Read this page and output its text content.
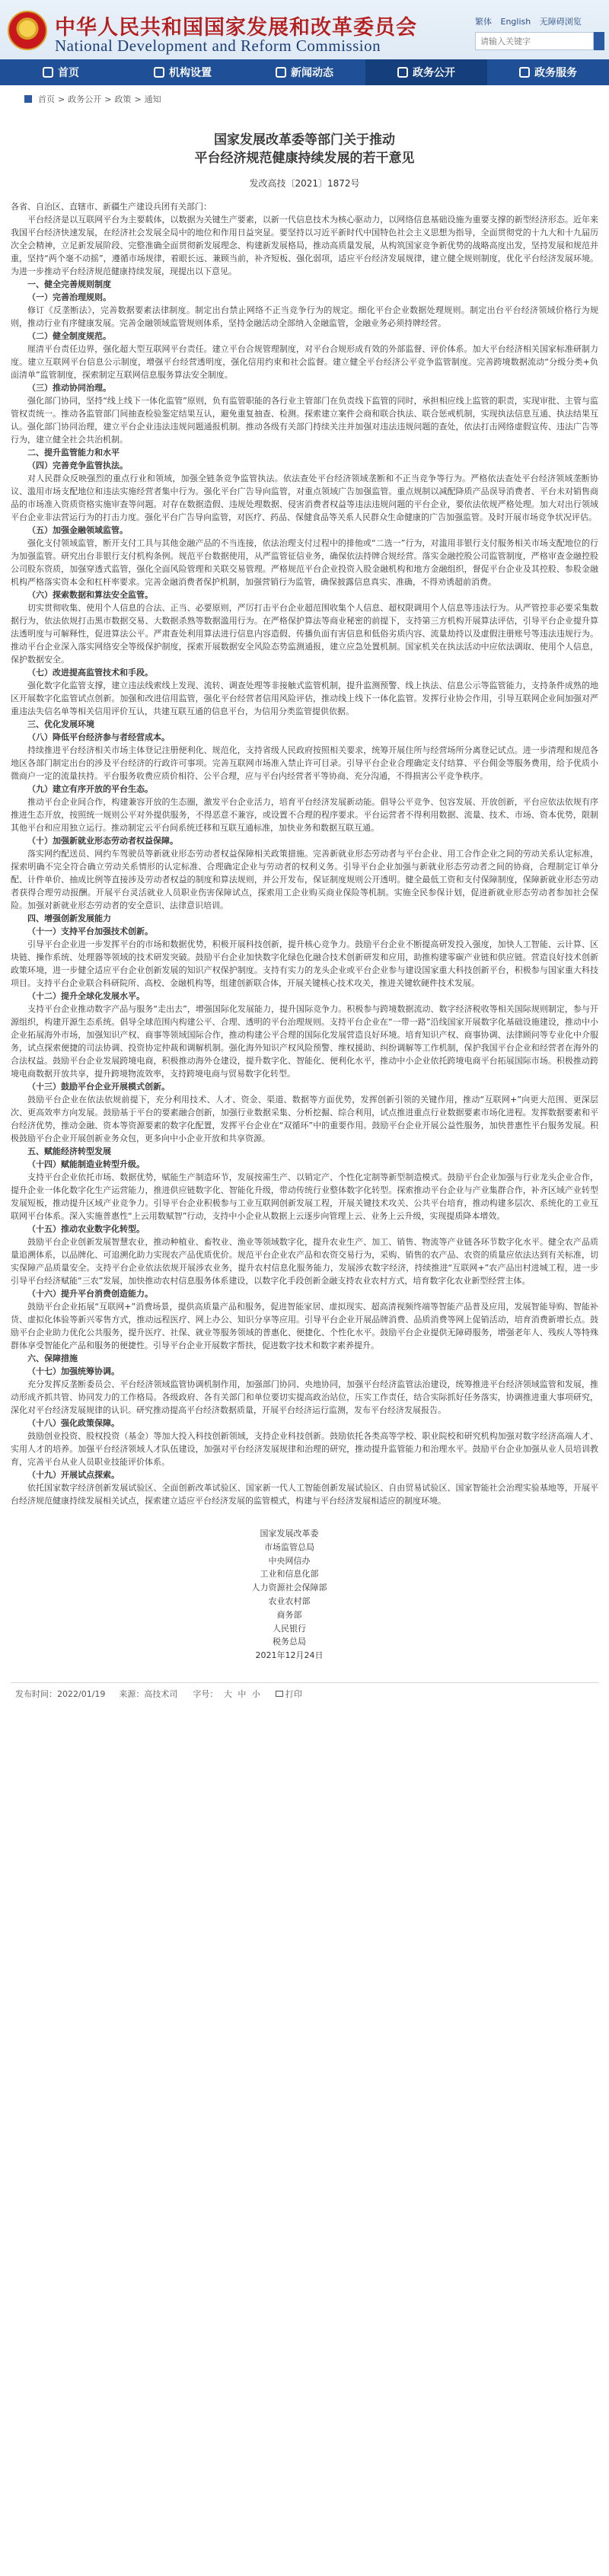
★
中华人民共和国国家发展和改革委员会
National Development and Reform Commission
繁体 English 无障碍浏览
请输入关键字
首页	机构设置	新闻动态	政务公开	政务服务
首页 > 政务公开 > 政策 > 通知
国家发展改革委等部门关于推动
平台经济规范健康持续发展的若干意见
发改高技〔2021〕1872号

各省、自治区、直辖市、新疆生产建设兵团有关部门：

平台经济是以互联网平台为主要载体，以数据为关键生产要素，以新一代信息技术为核心驱动力，以网络信息基础设施为重要支撑的新型经济形态。近年来我国平台经济快速发展，在经济社会发展全局中的地位和作用日益突显。要坚持以习近平新时代中国特色社会主义思想为指导，全面贯彻党的十九大和十九届历次全会精神，立足新发展阶段、完整准确全面贯彻新发展理念、构建新发展格局，推动高质量发展，从构筑国家竞争新优势的战略高度出发，坚持发展和规范并重，坚持“两个毫不动摇”，遵循市场规律，着眼长远、兼顾当前，补齐短板、强化弱项，适应平台经济发展规律，建立健全规则制度，优化平台经济发展环境。为进一步推动平台经济规范健康持续发展，现提出以下意见。

一、健全完善规则制度

（一）完善治理规则。

修订《反垄断法》，完善数据要素法律制度。制定出台禁止网络不正当竞争行为的规定。细化平台企业数据处理规则。制定出台平台经济领域价格行为规则，推动行业有序健康发展。完善金融领域监管规则体系，坚持金融活动全部纳入金融监管，金融业务必须持牌经营。

（二）健全制度规范。

厘清平台责任边界，强化超大型互联网平台责任。建立平台合规管理制度，对平台合规形成有效的外部监督、评价体系。加大平台经济相关国家标准研制力度。建立互联网平台信息公示制度，增强平台经营透明度，强化信用约束和社会监督。建立健全平台经济公平竞争监管制度。完善跨境数据流动“分级分类+负面清单”监管制度，探索制定互联网信息服务算法安全制度。

（三）推动协同治理。

强化部门协同，坚持“线上线下一体化监管”原则，负有监管职能的各行业主管部门在负责线下监管的同时，承担相应线上监管的职责，实现审批、主管与监管权责统一。推动各监管部门间抽查检验鉴定结果互认，避免重复抽查、检测。探索建立案件会商和联合执法、联合惩戒机制，实现执法信息互通、执法结果互认。强化部门协同治理，建立平台企业违法违规问题通报机制。推动各级有关部门持续关注并加强对违法违规问题的查处，依法打击网络虚假宣传、违法广告等行为，建立健全社会共治机制。

二、提升监管能力和水平

（四）完善竞争监管执法。

对人民群众反映强烈的重点行业和领域，加强全链条竞争监管执法。依法查处平台经济领域垄断和不正当竞争等行为。严格依法查处平台经济领域垄断协议、滥用市场支配地位和违法实施经营者集中行为。强化平台广告导向监管，对重点领域广告加强监管。重点规制以减配降质产品误导消费者、平台未对销售商品的市场准入资质资格实施审查等问题。对存在数据造假、违规处理数据、侵害消费者权益等违法违规问题的平台企业，要依法依规严格处理。加大对出行领域平台企业非法营运行为的打击力度。强化平台广告导向监管，对医疗、药品、保健食品等关系人民群众生命健康的广告加强监管。及时开展市场竞争状况评估。

（五）加强金融领域监管。

强化支付领域监管，断开支付工具与其他金融产品的不当连接，依法治理支付过程中的排他或“二选一”行为，对滥用非银行支付服务相关市场支配地位的行为加强监管。研究出台非银行支付机构条例。规范平台数据使用，从严监管征信业务，确保依法持牌合规经营。落实金融控股公司监管制度，严格审查金融控股公司股东资质，加强穿透式监管，强化全面风险管理和关联交易管理。严格规范平台企业投资入股金融机构和地方金融组织，督促平台企业及其控股、参股金融机构严格落实资本金和杠杆率要求。完善金融消费者保护机制，加强营销行为监管，确保披露信息真实、准确，不得劝诱超前消费。

（六）探索数据和算法安全监管。

切实贯彻收集、使用个人信息的合法、正当、必要原则，严厉打击平台企业超范围收集个人信息、超权限调用个人信息等违法行为。从严管控非必要采集数据行为，依法依规打击黑市数据交易、大数据杀熟等数据滥用行为。在严格保护算法等商业秘密的前提下，支持第三方机构开展算法评估，引导平台企业提升算法透明度与可解释性，促进算法公平。严肃查处利用算法进行信息内容造假、传播负面有害信息和低俗劣质内容、流量劫持以及虚假注册账号等违法违规行为。推动平台企业深入落实网络安全等级保护制度，探索开展数据安全风险态势监测通报，建立应急处置机制。国家机关在执法活动中应依法调取、使用个人信息，保护数据安全。

（七）改进提高监管技术和手段。

强化数字化监管支撑，建立违法线索线上发现、流转、调查处理等非接触式监管机制，提升监测预警、线上执法、信息公示等监管能力，支持条件成熟的地区开展数字化监管试点创新。加强和改进信用监管，强化平台经营者信用风险评估，推动线上线下一体化监管。发挥行业协会作用，引导互联网企业间加强对严重违法失信名单等相关信用评价互认，共建互联互通的信息平台，为信用分类监管提供依据。

三、优化发展环境

（八）降低平台经济参与者经营成本。

持续推进平台经济相关市场主体登记注册便利化、规范化，支持省级人民政府按照相关要求，统筹开展住所与经营场所分离登记试点。进一步清理和规范各地区各部门制定出台的涉及平台经济的行政许可事项。完善互联网市场准入禁止许可目录。引导平台企业合理确定支付结算、平台佣金等服务费用，给予优质小微商户一定的流量扶持。平台服务收费应质价相符、公平合理，应与平台内经营者平等协商、充分沟通，不得损害公平竞争秩序。

（九）建立有序开放的平台生态。

推动平台企业间合作，构建兼容开放的生态圈，激发平台企业活力，培育平台经济发展新动能。倡导公平竞争、包容发展、开放创新，平台应依法依规有序推进生态开放，按照统一规则公平对外提供服务，不得恶意不兼容，或设置不合理的程序要求。平台运营者不得利用数据、流量、技术、市场、资本优势，限制其他平台和应用独立运行。推动制定云平台间系统迁移和互联互通标准，加快业务和数据互联互通。

（十）加强新就业形态劳动者权益保障。

落实网约配送员、网约车驾驶员等新就业形态劳动者权益保障相关政策措施。完善新就业形态劳动者与平台企业、用工合作企业之间的劳动关系认定标准，探索明确不完全符合确立劳动关系情形的认定标准、合理确定企业与劳动者的权利义务。引导平台企业加强与新就业形态劳动者之间的协商，合理制定订单分配、计件单价、抽成比例等直接涉及劳动者权益的制度和算法规则，并公开发布，保证制度规则公开透明。健全最低工资和支付保障制度，保障新就业形态劳动者获得合理劳动报酬。开展平台灵活就业人员职业伤害保障试点，探索用工企业购买商业保险等机制。实施全民参保计划，促进新就业形态劳动者参加社会保险。加强对新就业形态劳动者的安全意识、法律意识培训。

四、增强创新发展能力

（十一）支持平台加强技术创新。

引导平台企业进一步发挥平台的市场和数据优势，积极开展科技创新，提升核心竞争力。鼓励平台企业不断提高研发投入强度，加快人工智能、云计算、区块链、操作系统、处理器等领域的技术研发突破。鼓励平台企业加快数字化绿色化融合技术创新研发和应用，助推构建零碳产业链和供应链。营造良好技术创新政策环境，进一步健全适应平台企业创新发展的知识产权保护制度。支持有实力的龙头企业或平台企业参与建设国家重大科技创新平台，积极参与国家重大科技项目。支持平台企业联合科研院所、高校、金融机构等，组建创新联合体，开展关键核心技术攻关，推进关键软硬件技术发展。

（十二）提升全球化发展水平。

支持平台企业推动数字产品与服务“走出去”，增强国际化发展能力，提升国际竞争力。积极参与跨境数据流动、数字经济税收等相关国际规则制定，参与开源组织，构建开源生态系统。倡导全球范围内构建公平、合理、透明的平台治理规则。支持平台企业在“一带一路”沿线国家开展数字化基础设施建设，推动中小企业拓展海外市场，加强知识产权、商事等领域国际合作，推动构建公平合理的国际化发展营造良好环境。培育知识产权、商事协调、法律顾问等专业化中介服务，试点探索便捷的司法协调、投资协定仲裁和调解机制。强化海外知识产权风险预警、维权援助、纠纷调解等工作机制，保护我国平台企业和经营者在海外的合法权益。鼓励平台企业发展跨境电商，积极推动海外仓建设，提升数字化、智能化、便利化水平，推动中小企业依托跨境电商平台拓展国际市场。积极推动跨境电商数据开放共享，提升跨境物流效率，支持跨境电商与贸易数字化转型。

（十三）鼓励平台企业开展模式创新。

鼓励平台企业在依法依规前提下，充分利用技术、人才、资金、渠道、数据等方面优势，发挥创新引领的关键作用，推动“互联网+”向更大范围、更深层次、更高效率方向发展。鼓励基于平台的要素融合创新，加强行业数据采集、分析挖掘、综合利用，试点推进重点行业数据要素市场化进程。发挥数据要素和平台经济优势，推动金融、资本等资源要素的数字化配置，发挥平台企业在“双循环”中的重要作用。鼓励平台企业开展公益性服务，加快普惠性平台服务发展。积极鼓励平台企业开展创新业务众包，更多向中小企业开放和共享资源。

五、赋能经济转型发展

（十四）赋能制造业转型升级。

支持平台企业依托市场、数据优势，赋能生产制造环节，发展按需生产、以销定产、个性化定制等新型制造模式。鼓励平台企业加强与行业龙头企业合作，提升企业一体化数字化生产运营能力，推进供应链数字化、智能化升级，带动传统行业整体数字化转型。探索推动平台企业与产业集群合作，补齐区域产业转型发展短板，推动提升区域产业竞争力。引导平台企业积极参与工业互联网创新发展工程，开展关键技术攻关、公共平台培育，推动构建多层次、系统化的工业互联网平台体系。深入实施普惠性“上云用数赋智”行动，支持中小企业从数据上云逐步向管理上云、业务上云升级，实现提质降本增效。

（十五）推动农业数字化转型。

鼓励平台企业创新发展智慧农业，推动种植业、畜牧业、渔业等领域数字化，提升农业生产、加工、销售、物流等产业链各环节数字化水平。健全农产品质量追溯体系，以品牌化、可追溯化助力实现农产品优质优价。规范平台企业农产品和农资交易行为，采购、销售的农产品、农资的质量应依法达到有关标准，切实保障产品质量安全。支持平台企业依法依规开展涉农业务，提升农村信息化服务能力，发展涉农数字经济，持续推进“互联网+”农产品出村进城工程，进一步引导平台经济赋能“三农”发展，加快推动农村信息服务体系建设，以数字化手段创新金融支持农业农村方式，培育数字化农业新型经营主体。

（十六）提升平台消费创造能力。

鼓励平台企业拓展“互联网+”消费场景，提供高质量产品和服务，促进智能家居、虚拟现实、超高清视频终端等智能产品普及应用，发展智能导购、智能补货、虚拟化体验等新兴零售方式，推动远程医疗、网上办公、知识分享等应用。引导平台企业开展品牌消费、品质消费等网上促销活动，培育消费新增长点。鼓励平台企业助力优化公共服务，提升医疗、社保、就业等服务领域的普惠化、便捷化、个性化水平。鼓励平台企业提供无障碍服务，增强老年人、残疾人等特殊群体享受智能化产品和服务的便捷性。引导平台企业开展数字帮扶，促进数字技术和数字素养提升。

六、保障措施

（十七）加强统筹协调。

充分发挥反垄断委员会、平台经济领域监管协调机制作用，加强部门协同、央地协同，加强平台经济监管法治建设，统筹推进平台经济领域监管和发展，推动形成齐抓共管、协同发力的工作格局。各级政府、各有关部门和单位要切实提高政治站位，压实工作责任，结合实际抓好任务落实，协调推进重大事项研究，深化对平台经济发展规律的认识。研究推动提高平台经济数据质量，开展平台经济运行监测，发布平台经济发展报告。

（十八）强化政策保障。

鼓励创业投资、股权投资（基金）等加大投入科技创新领域，支持企业科技创新。鼓励依托各类高等学校、职业院校和研究机构加强对数字经济高端人才、实用人才的培养。加强平台经济领域人才队伍建设，加强对平台经济发展规律和治理的研究，推动提升监管能力和治理水平。鼓励平台企业加强从业人员培训教育，完善平台从业人员职业技能评价体系。

（十九）开展试点探索。

依托国家数字经济创新发展试验区、全面创新改革试验区、国家新一代人工智能创新发展试验区、自由贸易试验区、国家智能社会治理实验基地等，开展平台经济规范健康持续发展相关试点，探索建立适应平台经济发展的监管模式，构建与平台经济发展相适应的制度环境。

国家发展改革委
市场监管总局
中央网信办
工业和信息化部
人力资源社会保障部
农业农村部
商务部
人民银行
税务总局
2021年12月24日
发布时间：2022/01/19 来源：高技术司 字号： 大 中 小	打印
